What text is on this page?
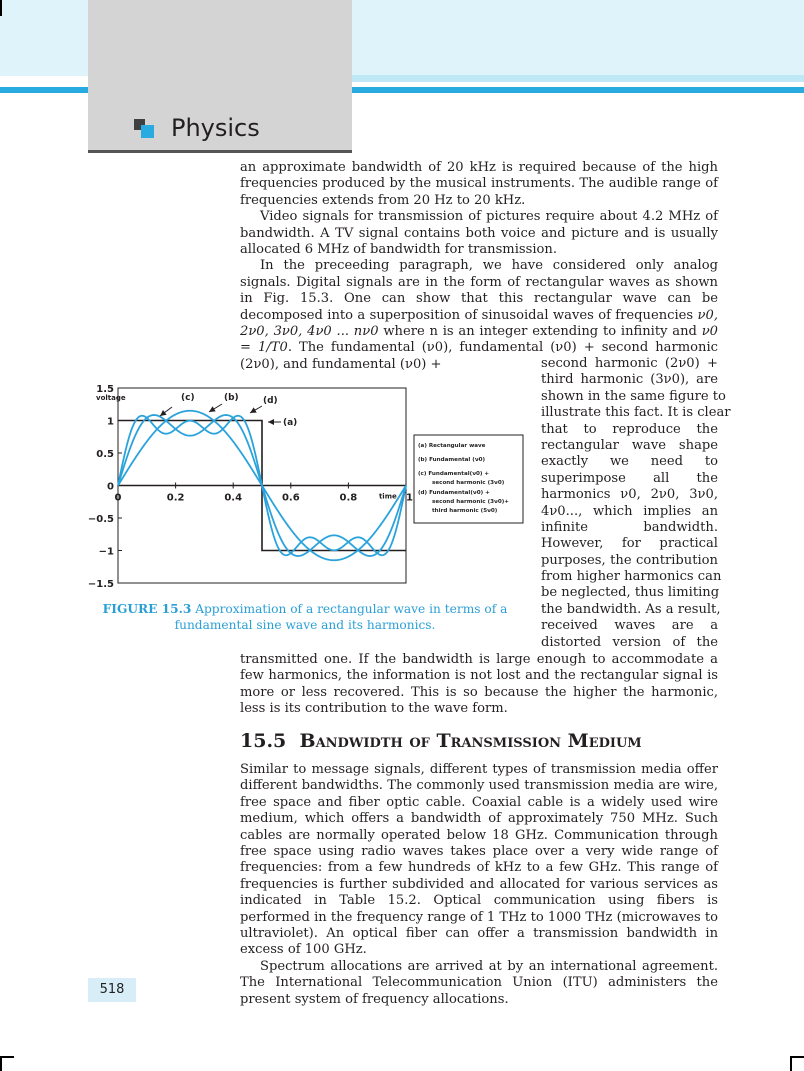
Physics

an approximate bandwidth of 20 kHz is required because of the high frequencies produced by the musical instruments. The audible range of frequencies extends from 20 Hz to 20 kHz.

Video signals for transmission of pictures require about 4.2 MHz of bandwidth. A TV signal contains both voice and picture and is usually allocated 6 MHz of bandwidth for transmission.

In the preceeding paragraph, we have considered only analog signals. Digital signals are in the form of rectangular waves as shown in Fig. 15.3. One can show that this rectangular wave can be decomposed into a superposition of sinusoidal waves of frequencies ν0, 2ν0, 3ν0, 4ν0 ... nν0 where n is an integer extending to infinity and ν0 = 1/T0. The fundamental (ν0), fundamental (ν0) + second harmonic (2ν0), and fundamental (ν0) +	second harmonic (2ν0) +
third harmonic (3ν0), are
shown in the same figure to
illustrate this fact. It is clear
that to reproduce the
rectangular wave shape
exactly we need to
superimpose all the
harmonics ν0, 2ν0, 3ν0,
4ν0..., which implies an
infinite bandwidth.
However, for practical
purposes, the contribution
from higher harmonics can
be neglected, thus limiting
the bandwidth. As a result,
received waves are a
distorted version of the
1.5
1
0.5
0
−0.5
−1
−1.5
0	0.2	0.4	0.6	0.8	1
voltage
time
(c)	(b)	(d)
(a)
(a) Rectangular wave
(b) Fundamental (ν0)
(c) Fundamental(ν0) +
second harmonic (3ν0)
(d) Fundamental(ν0) +
second harmonic (3ν0)+
third harmonic (5ν0)
FIGURE 15.3 Approximation of a rectangular wave in terms of a fundamental sine wave and its harmonics.

transmitted one. If the bandwidth is large enough to accommodate a few harmonics, the information is not lost and the rectangular signal is more or less recovered. This is so because the higher the harmonic, less is its contribution to the wave form.

15.5 Bandwidth of Transmission Medium

Similar to message signals, different types of transmission media offer different bandwidths. The commonly used transmission media are wire, free space and fiber optic cable. Coaxial cable is a widely used wire medium, which offers a bandwidth of approximately 750 MHz. Such cables are normally operated below 18 GHz. Communication through free space using radio waves takes place over a very wide range of frequencies: from a few hundreds of kHz to a few GHz. This range of frequencies is further subdivided and allocated for various services as indicated in Table 15.2. Optical communication using fibers is performed in the frequency range of 1 THz to 1000 THz (microwaves to ultraviolet). An optical fiber can offer a transmission bandwidth in excess of 100 GHz.

Spectrum allocations are arrived at by an international agreement. The International Telecommunication Union (ITU) administers the present system of frequency allocations.

518
